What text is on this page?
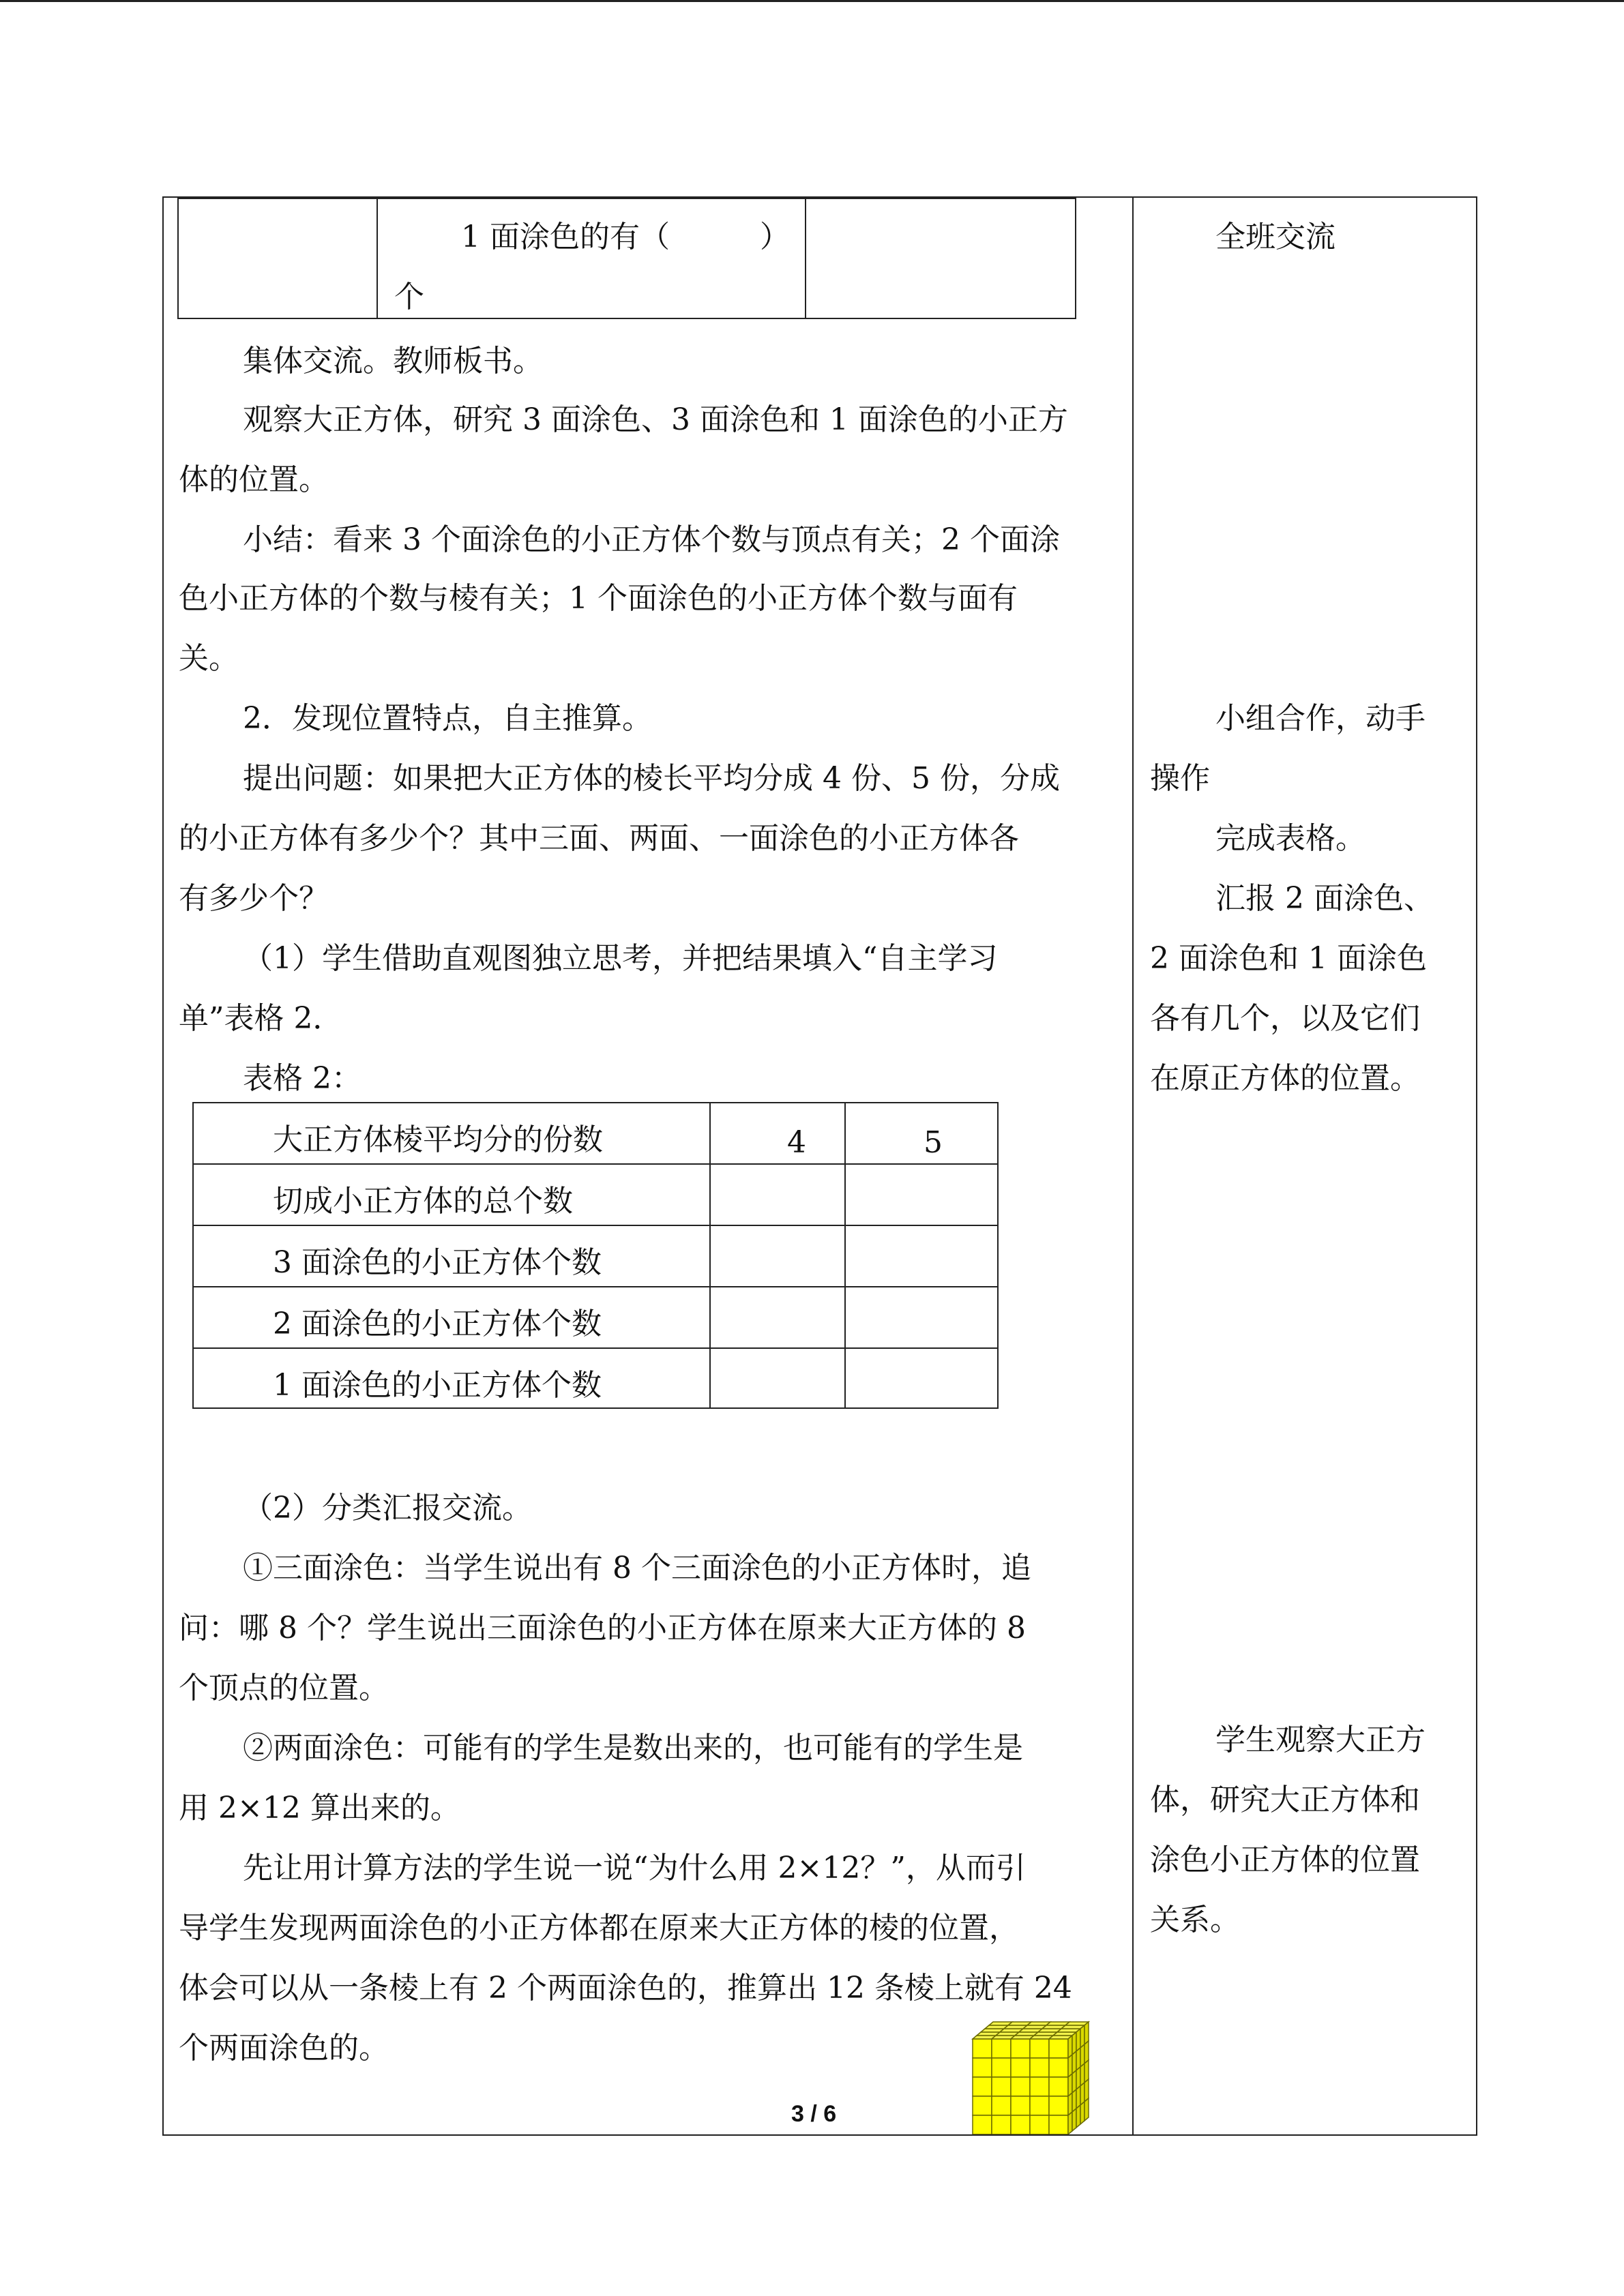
1 面涂色的有（　　　）
个
集体交流。教师板书。
观察大正方体，研究 3 面涂色、3 面涂色和 1 面涂色的小正方
体的位置。
小结：看来 3 个面涂色的小正方体个数与顶点有关；2 个面涂
色小正方体的个数与棱有关；1 个面涂色的小正方体个数与面有
关。
2．发现位置特点，自主推算。
提出问题：如果把大正方体的棱长平均分成 4 份、5 份，分成
的小正方体有多少个？其中三面、两面、一面涂色的小正方体各
有多少个？
（1）学生借助直观图独立思考，并把结果填入“自主学习
单”表格 2．
表格 2：
大正方体棱平均分的份数	4	5
切成小正方体的总个数
3 面涂色的小正方体个数
2 面涂色的小正方体个数
1 面涂色的小正方体个数
（2）分类汇报交流。
①三面涂色：当学生说出有 8 个三面涂色的小正方体时，追
问：哪 8 个？学生说出三面涂色的小正方体在原来大正方体的 8
个顶点的位置。
②两面涂色：可能有的学生是数出来的，也可能有的学生是
用 2×12 算出来的。
先让用计算方法的学生说一说“为什么用 2×12？”，从而引
导学生发现两面涂色的小正方体都在原来大正方体的棱的位置，
体会可以从一条棱上有 2 个两面涂色的，推算出 12 条棱上就有 24
个两面涂色的。
全班交流
小组合作，动手
操作
完成表格。
汇报 2 面涂色、
2 面涂色和 1 面涂色
各有几个，以及它们
在原正方体的位置。
学生观察大正方
体，研究大正方体和
涂色小正方体的位置
关系。
3 / 6
